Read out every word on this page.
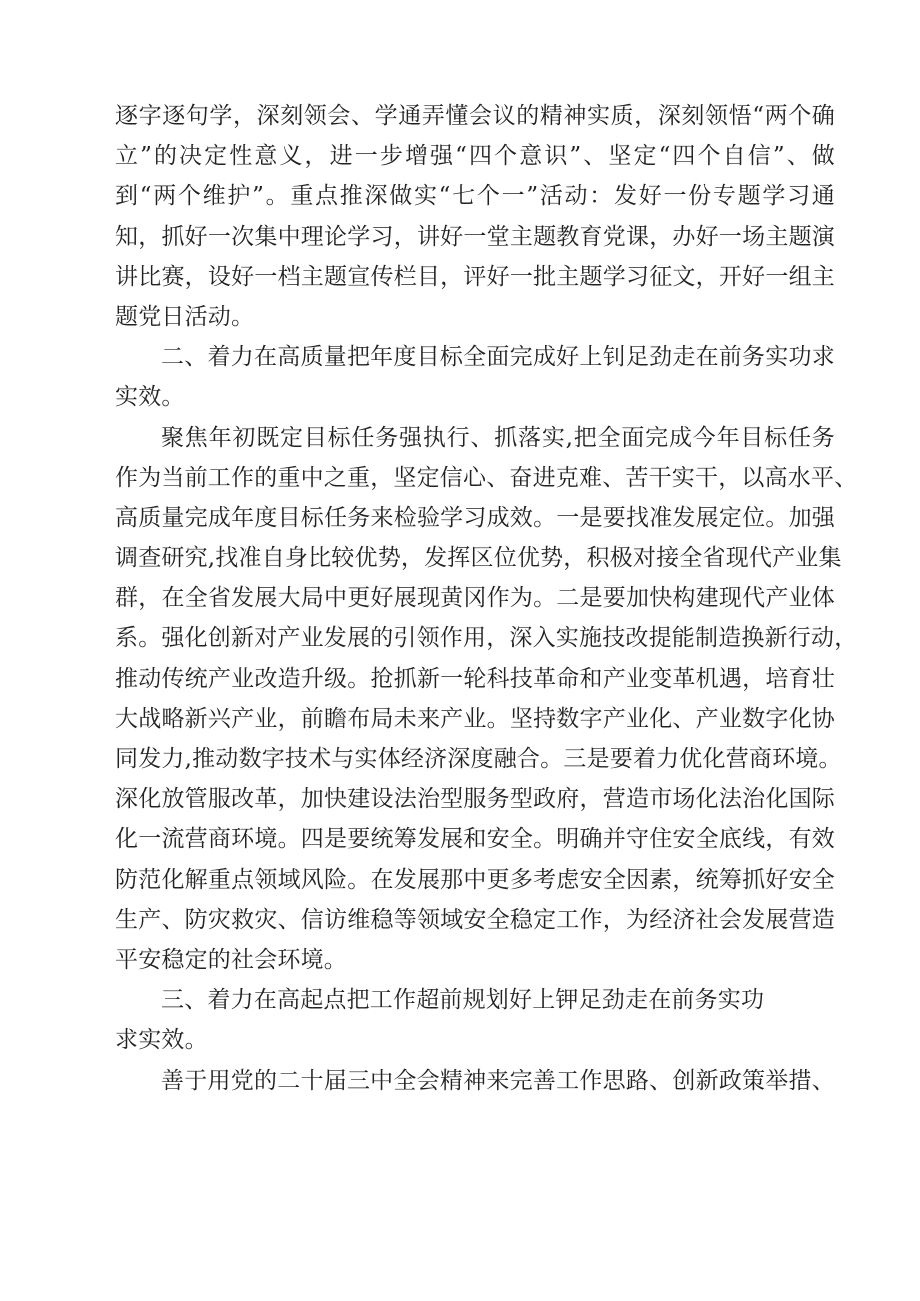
逐字逐句学，深刻领会、学通弄懂会议的精神实质，深刻领悟“两个确
立”的决定性意义，进一步增强“四个意识”、坚定“四个自信”、做
到“两个维护”。重点推深做实“七个一”活动：发好一份专题学习通
知，抓好一次集中理论学习，讲好一堂主题教育党课，办好一场主题演
讲比赛，设好一档主题宣传栏目，评好一批主题学习征文，开好一组主
题党日活动。
二、着力在高质量把年度目标全面完成好上钊足劲走在前务实功求
实效。
聚焦年初既定目标任务强执行、抓落实,把全面完成今年目标任务
作为当前工作的重中之重，坚定信心、奋进克难、苦干实干，以高水平、
高质量完成年度目标任务来检验学习成效。一是要找准发展定位。加强
调查研究,找准自身比较优势，发挥区位优势，积极对接全省现代产业集
群，在全省发展大局中更好展现黄冈作为。二是要加快构建现代产业体
系。强化创新对产业发展的引领作用，深入实施技改提能制造换新行动，
推动传统产业改造升级。抢抓新一轮科技革命和产业变革机遇，培育壮
大战略新兴产业，前瞻布局未来产业。坚持数字产业化、产业数字化协
同发力,推动数字技术与实体经济深度融合。三是要着力优化营商环境。
深化放管服改革，加快建设法治型服务型政府，营造市场化法治化国际
化一流营商环境。四是要统筹发展和安全。明确并守住安全底线，有效
防范化解重点领域风险。在发展那中更多考虑安全因素，统筹抓好安全
生产、防灾救灾、信访维稳等领域安全稳定工作，为经济社会发展营造
平安稳定的社会环境。
三、着力在高起点把工作超前规划好上钾足劲走在前务实功
求实效。
善于用党的二十届三中全会精神来完善工作思路、创新政策举措、
